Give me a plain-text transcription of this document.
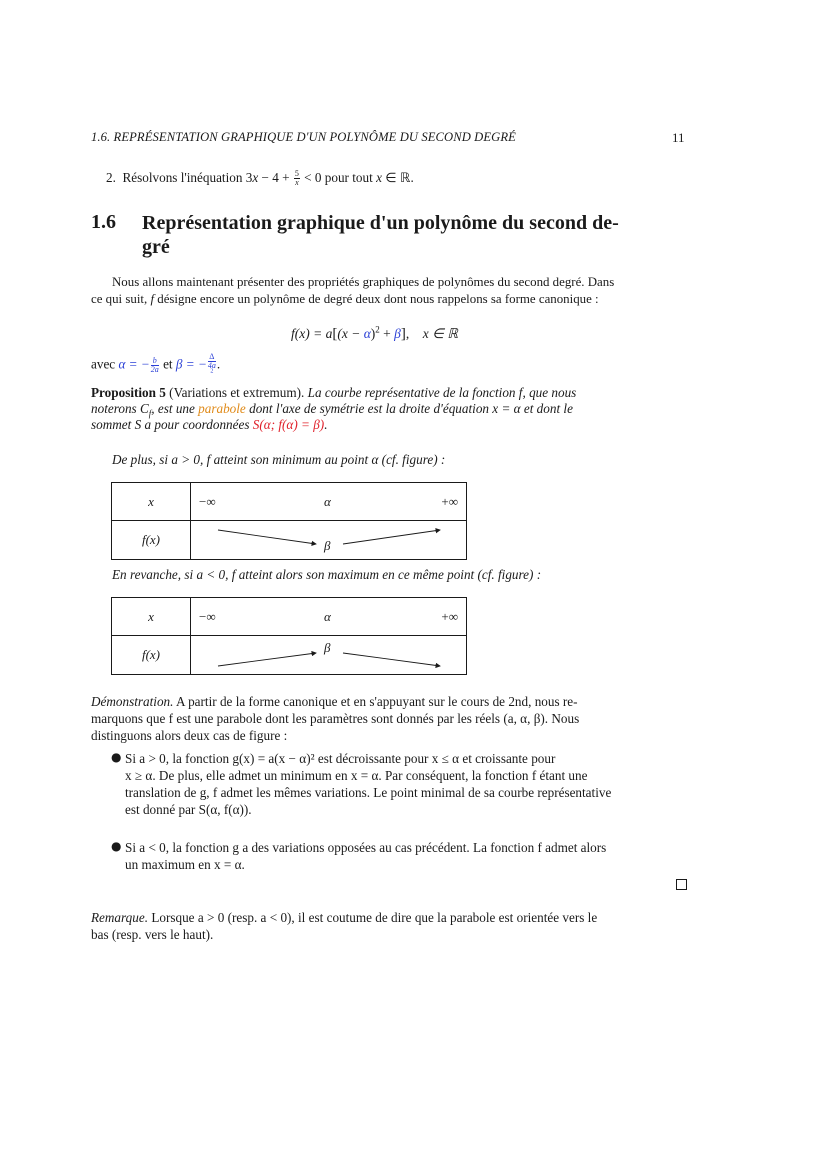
1.6. REPRÉSENTATION GRAPHIQUE D'UN POLYNÔME DU SECOND DEGRÉ	11
2. Résolvons l'inéquation $3x - 4 + \frac{5}{x} < 0$ pour tout x ∈ ℝ.
1.6 Représentation graphique d'un polynôme du second de-
gré
Nous allons maintenant présenter des propriétés graphiques de polynômes du second degré. Dans
ce qui suit, f désigne encore un polynôme de degré deux dont nous rappelons sa forme canonique :
$f(x) = a[(x - \alpha)^2 + \beta]$, x ∈ ℝ
avec α = − $\frac{b}{2a}$ et β = − Δ
4a
$^2$ .
Proposition 5 (Variations et extremum). La courbe représentative de la fonction f, que nous
noterons $C_f$, est une parabole dont l'axe de symétrie est la droite d'équation x = α et dont le
sommet S a pour coordonnées S(α; f(α) = β).
De plus, si a > 0, f atteint son minimum au point α (cf. figure) :
x	−∞ α +∞

f(x)	β
En revanche, si a < 0, f atteint alors son maximum en ce même point (cf. figure) :
x	−∞ α +∞

f(x)	β
Démonstration. A partir de la forme canonique et en s'appuyant sur le cours de 2nd, nous re-
marquons que f est une parabole dont les paramètres sont donnés par les réels (a, α, β). Nous
distinguons alors deux cas de figure :
● Si a > 0, la fonction g(x) = a(x − α)² est décroissante pour x ≤ α et croissante pour
x ≥ α. De plus, elle admet un minimum en x = α. Par conséquent, la fonction f étant une
translation de g, f admet les mêmes variations. Le point minimal de sa courbe représentative
est donné par S(α, f(α)).
● Si a < 0, la fonction g a des variations opposées au cas précédent. La fonction f admet alors
un maximum en x = α.
Remarque. Lorsque a > 0 (resp. a < 0), il est coutume de dire que la parabole est orientée vers le
bas (resp. vers le haut).
